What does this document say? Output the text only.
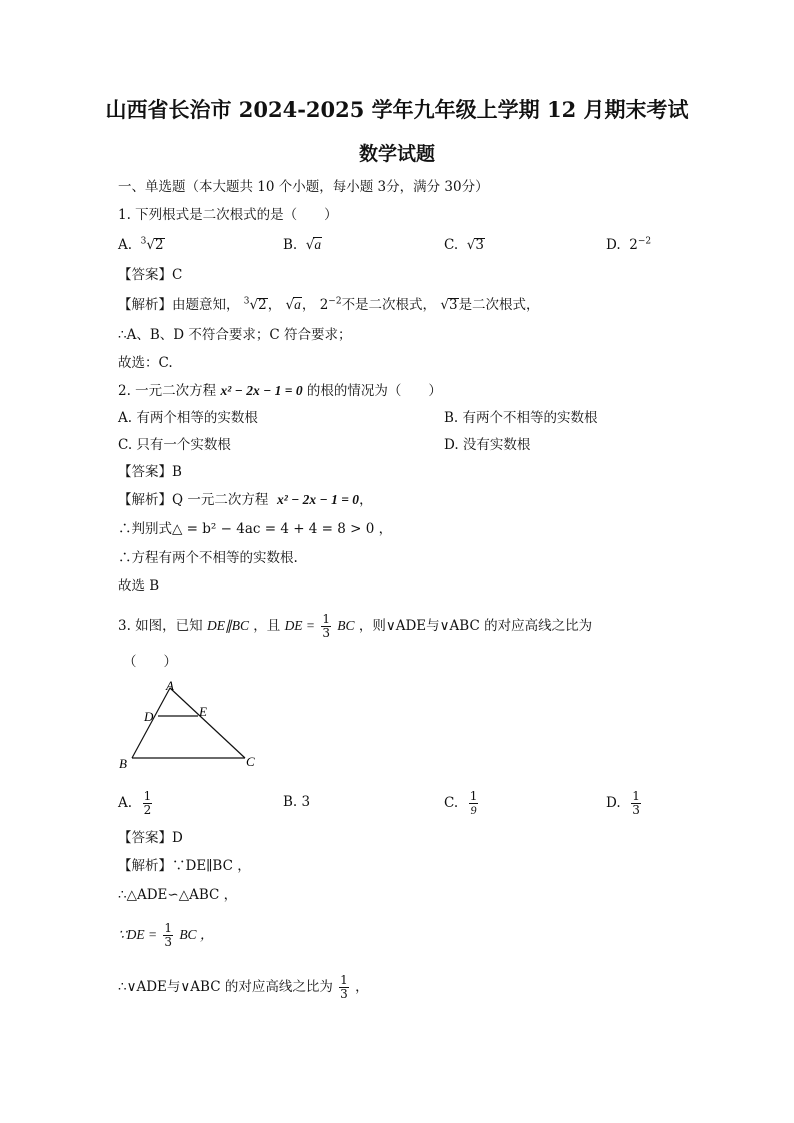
山西省长治市 2024-2025 学年九年级上学期 12 月期末考试
数学试题
一、单选题（本大题共 10 个小题，每小题 3分，满分 30分）
1. 下列根式是二次根式的是（　　）
A. $^3$√2	B.  √a	C.  √3	D. $2^{-2}$
【答案】C
【解析】由题意知， $^3$√2， √a， $2^{-2}$不是二次根式， √3是二次根式，
∴A、B、D 不符合要求；C 符合要求；
故选：C.
2. 一元二次方程 x² − 2x − 1 = 0 的根的情况为（　　）
A. 有两个相等的实数根	B. 有两个不相等的实数根
C. 只有一个实数根	D. 没有实数根
【答案】B
【解析】Q 一元二次方程 x² − 2x − 1 = 0，
∴判别式△ = b² − 4ac = 4 + 4 = 8 > 0 ，
∴方程有两个不相等的实数根.
故选 B
3. 如图，已知 DE∥BC ，且 DE = $\frac{1}{3}$ BC ，则∨ADE与∨ABC 的对应高线之比为
（　　）
A
D	E
B	C
A. $\frac{1}{2}$	B. 3	C. $\frac{1}{9}$	D. $\frac{1}{3}$
【答案】D
【解析】∵DE∥BC ，
∴△ADE∽△ABC ，
∵DE = $\frac{1}{3}$ BC ，
∴∨ADE与∨ABC 的对应高线之比为 $\frac{1}{3}$ ，
